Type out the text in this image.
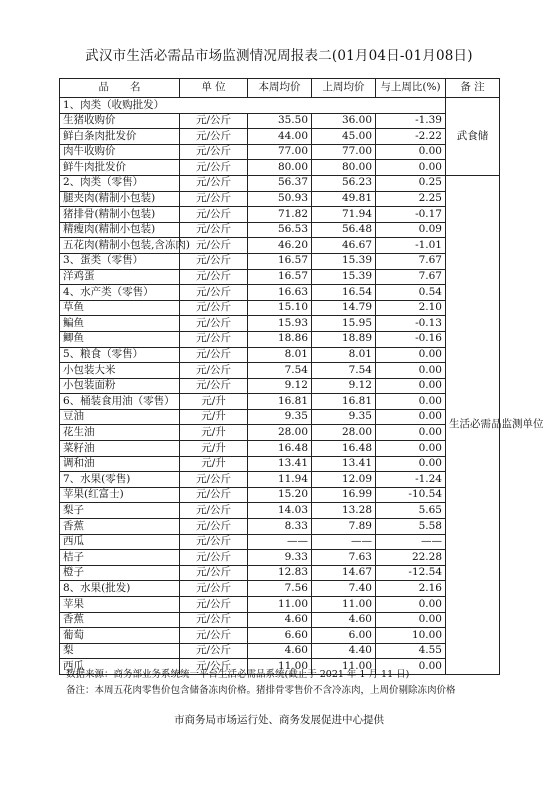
武汉市生活必需品市场监测情况周报表二(01月04日-01月08日)
品　　名	单 位	本周均价	上周均价	与上周比(%)	备 注
1、肉类（收购批发）					武食储
生猪收购价	元/公斤	35.50	36.00	-1.39	
鲜白条肉批发价	元/公斤	44.00	45.00	-2.22	
肉牛收购价	元/公斤	77.00	77.00	0.00	
鲜牛肉批发价	元/公斤	80.00	80.00	0.00	
2、肉类（零售）	元/公斤	56.37	56.23	0.25	生活必需品监测单位
腿夹肉(精制小包装)	元/公斤	50.93	49.81	2.25	
猪排骨(精制小包装)	元/公斤	71.82	71.94	-0.17	
精瘦肉(精制小包装)	元/公斤	56.53	56.48	0.09	
五花肉(精制小包装,含冻肉)	元/公斤	46.20	46.67	-1.01	
3、蛋类（零售）	元/公斤	16.57	15.39	7.67	
洋鸡蛋	元/公斤	16.57	15.39	7.67	
4、水产类（零售）	元/公斤	16.63	16.54	0.54	
草鱼	元/公斤	15.10	14.79	2.10	
鳊鱼	元/公斤	15.93	15.95	-0.13	
鲫鱼	元/公斤	18.86	18.89	-0.16	
5、粮食（零售）	元/公斤	8.01	8.01	0.00	
小包装大米	元/公斤	7.54	7.54	0.00	
小包装面粉	元/公斤	9.12	9.12	0.00	
6、桶装食用油（零售）	元/升	16.81	16.81	0.00	
豆油	元/升	9.35	9.35	0.00	
花生油	元/升	28.00	28.00	0.00	
菜籽油	元/升	16.48	16.48	0.00	
调和油	元/升	13.41	13.41	0.00	
7、水果(零售)	元/公斤	11.94	12.09	-1.24	
苹果(红富士)	元/公斤	15.20	16.99	-10.54	
梨子	元/公斤	14.03	13.28	5.65	
香蕉	元/公斤	8.33	7.89	5.58	
西瓜	元/公斤	——	——	——	
桔子	元/公斤	9.33	7.63	22.28	
橙子	元/公斤	12.83	14.67	-12.54	
8、水果(批发)	元/公斤	7.56	7.40	2.16	
苹果	元/公斤	11.00	11.00	0.00	
香蕉	元/公斤	4.60	4.60	0.00	
葡萄	元/公斤	6.60	6.00	10.00	
梨	元/公斤	4.60	4.40	4.55	
西瓜	元/公斤	11.00	11.00	0.00	
数据来源：商务部业务系统统一平台生活必需品系统(截止于 2021 年 1 月 11 日)
备注：本周五花肉零售价包含储备冻肉价格。猪排骨零售价不含冷冻肉，上周价剔除冻肉价格
市商务局市场运行处、商务发展促进中心提供
